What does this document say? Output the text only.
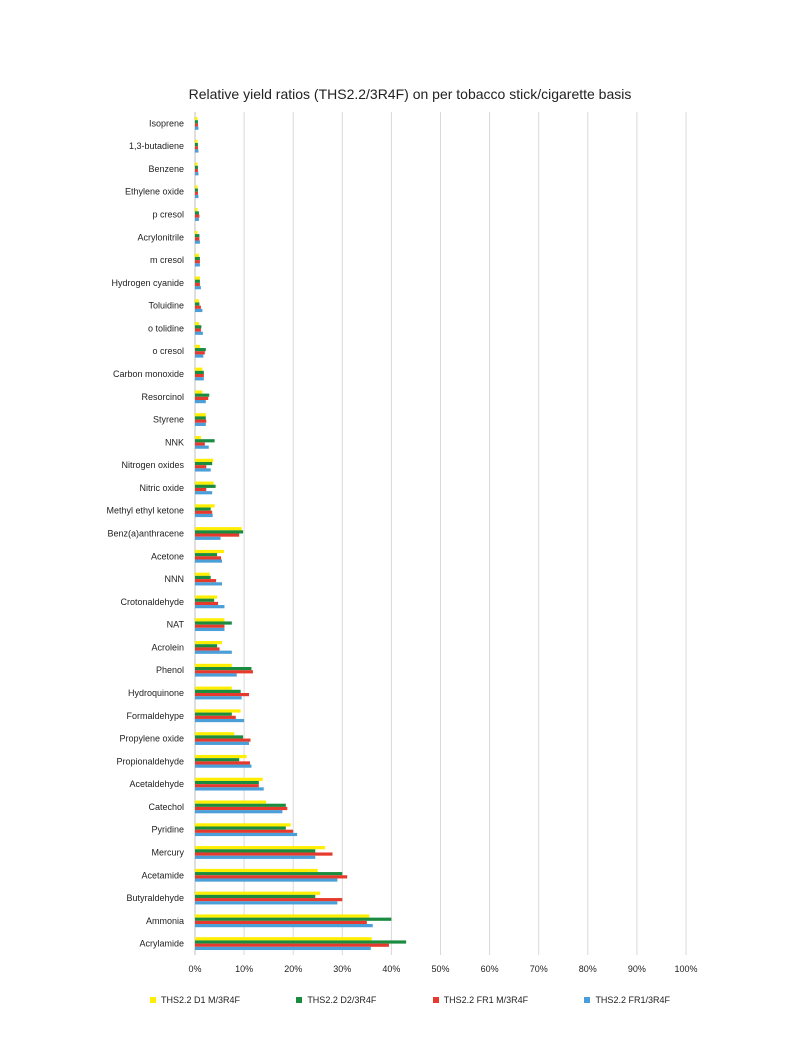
Relative yield ratios (THS2.2/3R4F) on per tobacco stick/cigarette basis
Isoprene
1,3-butadiene
Benzene
Ethylene oxide
p cresol
Acrylonitrile
m cresol
Hydrogen cyanide
Toluidine
o tolidine
o cresol
Carbon monoxide
Resorcinol
Styrene
NNK
Nitrogen oxides
Nitric oxide
Methyl ethyl ketone
Benz(a)anthracene
Acetone
NNN
Crotonaldehyde
NAT
Acrolein
Phenol
Hydroquinone
Formaldehype
Propylene oxide
Propionaldehyde
Acetaldehyde
Catechol
Pyridine
Mercury
Acetamide
Butyraldehyde
Ammonia
Acrylamide
0%	10%	20%	30%	40%	50%	60%	70%	80%	90%	100%
THS2.2 D1 M/3R4F	THS2.2 D2/3R4F	THS2.2 FR1 M/3R4F	THS2.2 FR1/3R4F
